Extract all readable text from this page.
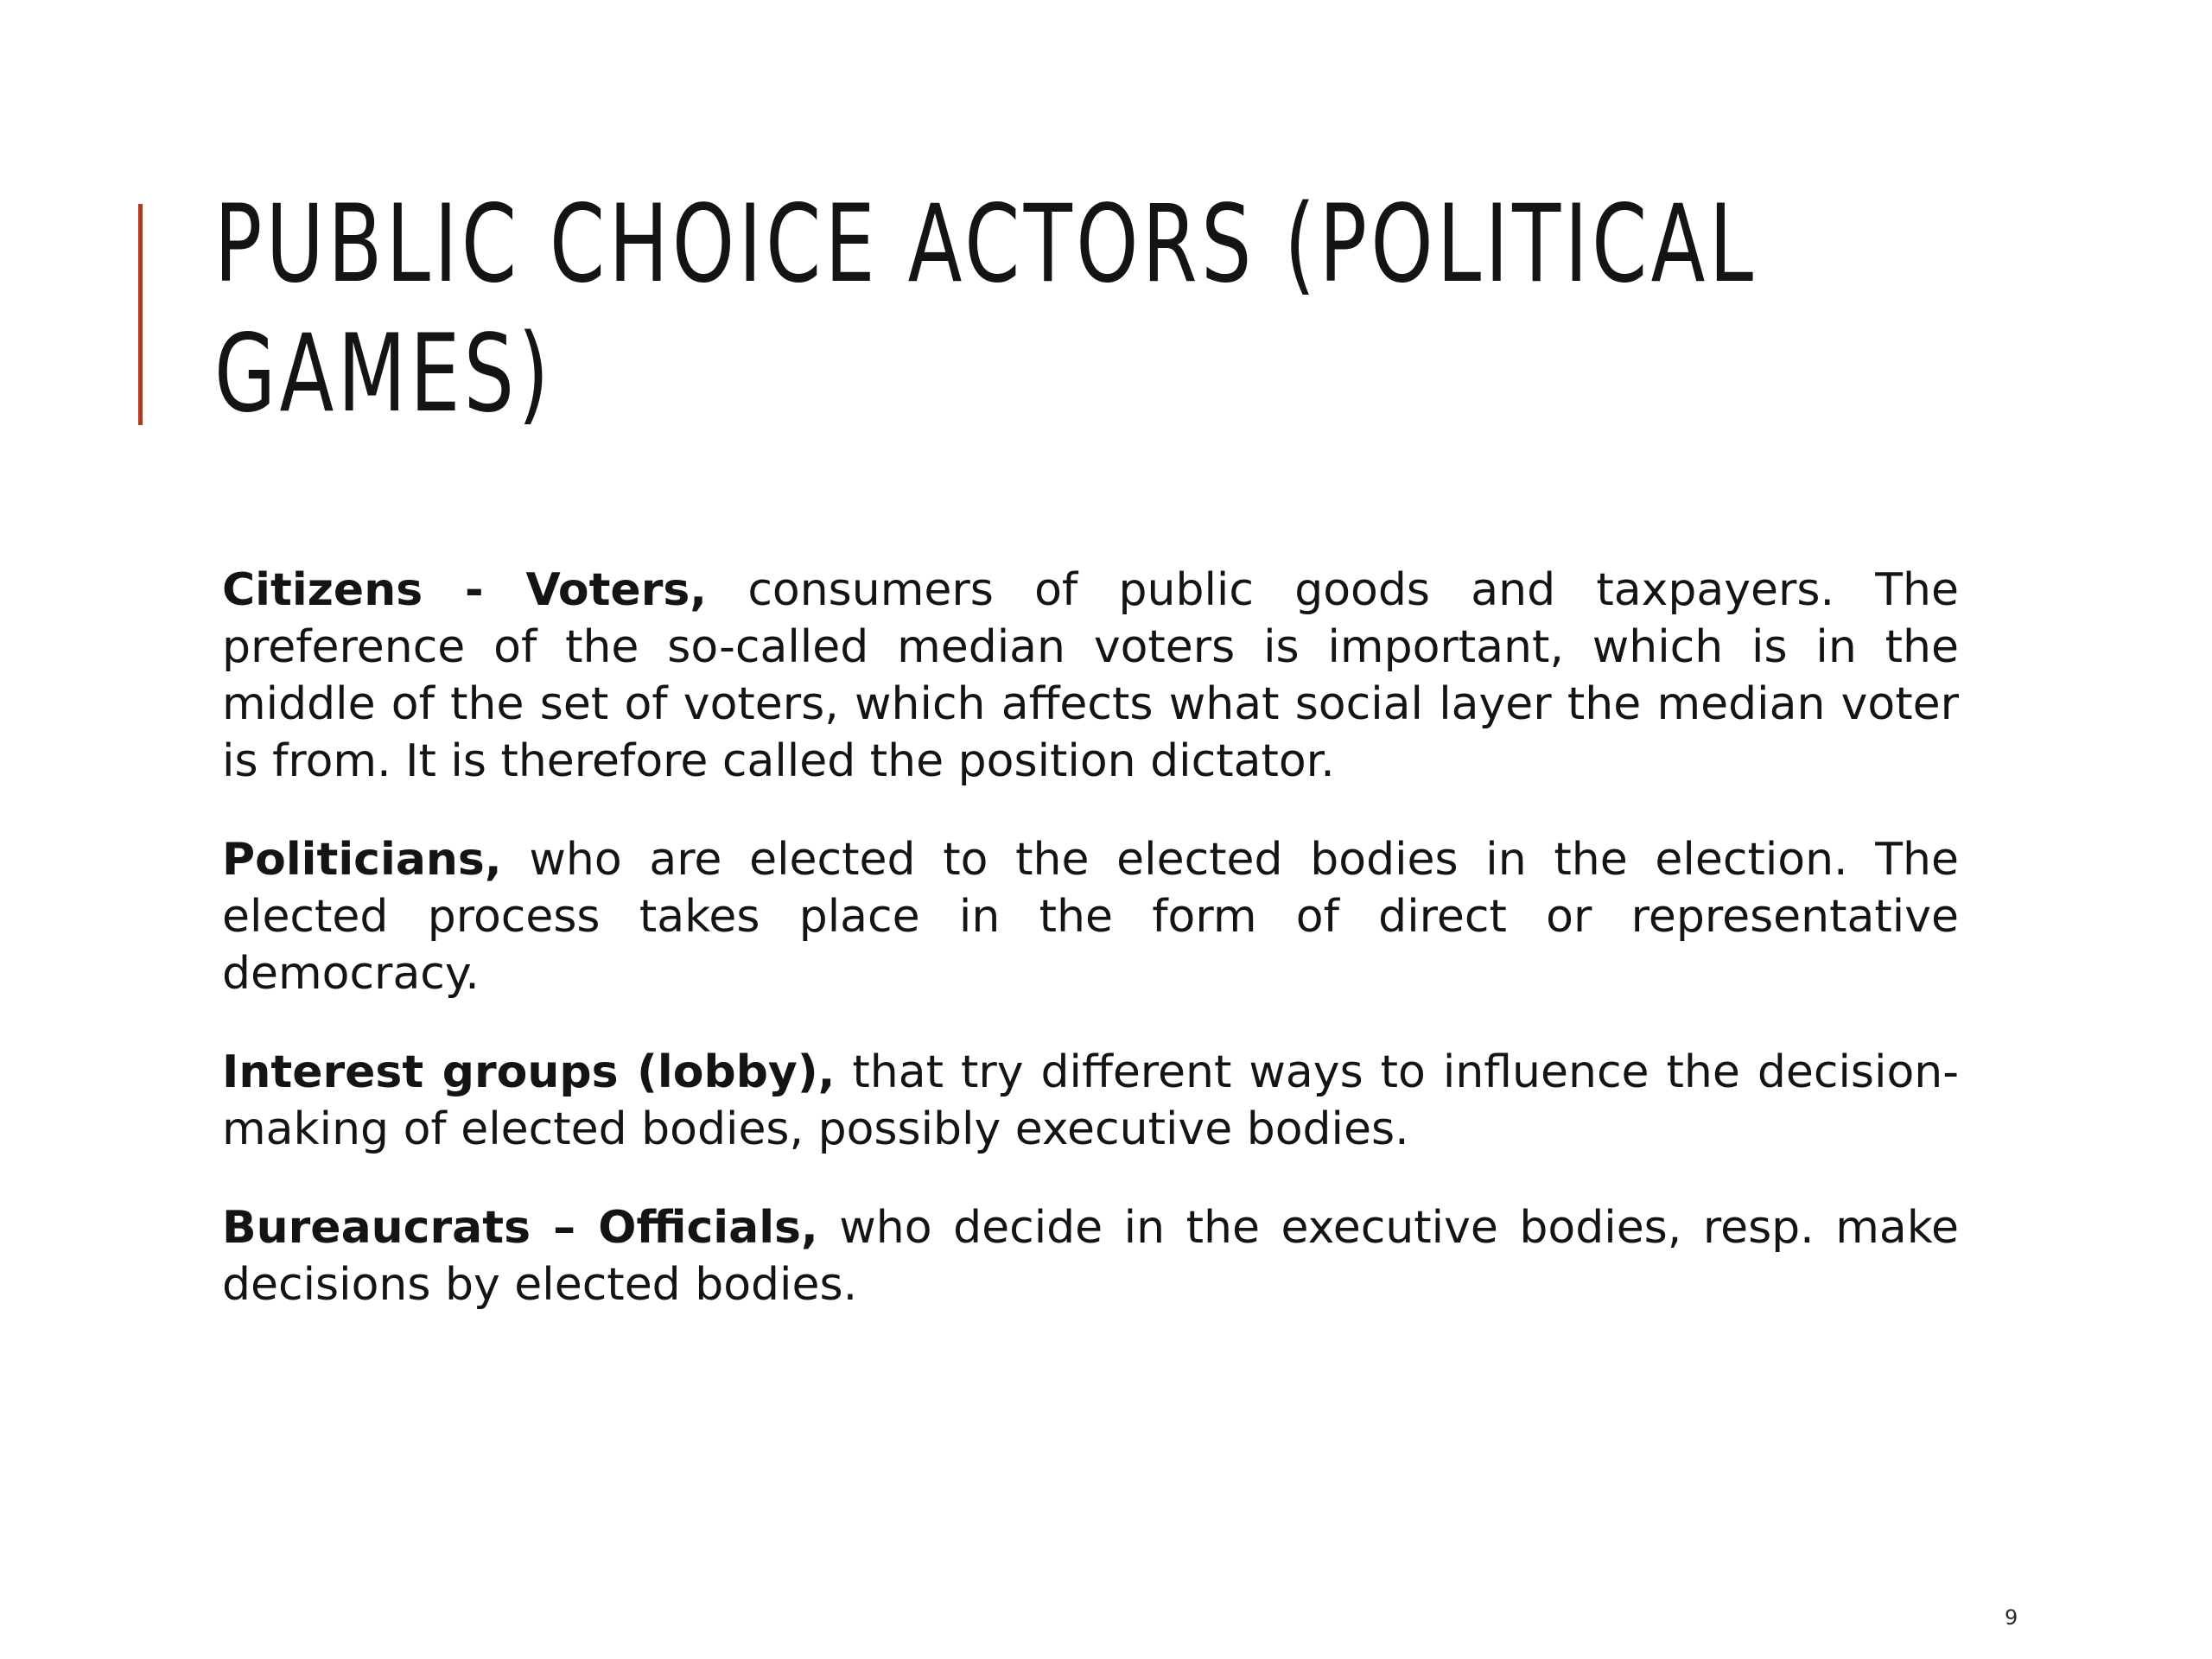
PUBLIC CHOICE ACTORS (POLITICAL
GAMES)

Citizens - Voters, consumers of public goods and taxpayers. The preference of the so-called median voters is important, which is in the middle of the set of voters, which affects what social layer the median voter is from. It is therefore called the position dictator.

Politicians, who are elected to the elected bodies in the election. The elected process takes place in the form of direct or representative democracy.

Interest groups (lobby), that try different ways to influence the decision-making of elected bodies, possibly executive bodies.

Bureaucrats – Officials, who decide in the executive bodies, resp. make decisions by elected bodies.

9
